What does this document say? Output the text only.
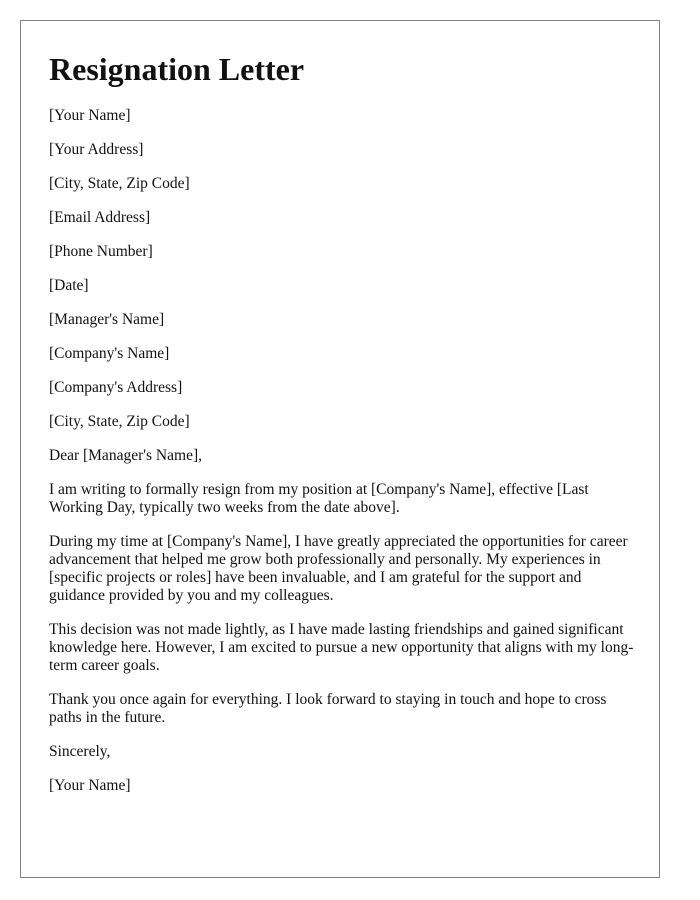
Resignation Letter

[Your Name]

[Your Address]

[City, State, Zip Code]

[Email Address]

[Phone Number]

[Date]

[Manager's Name]

[Company's Name]

[Company's Address]

[City, State, Zip Code]

Dear [Manager's Name],

I am writing to formally resign from my position at [Company's Name], effective [Last Working Day, typically two weeks from the date above].

During my time at [Company's Name], I have greatly appreciated the opportunities for career advancement that helped me grow both professionally and personally. My experiences in [specific projects or roles] have been invaluable, and I am grateful for the support and guidance provided by you and my colleagues.

This decision was not made lightly, as I have made lasting friendships and gained significant knowledge here. However, I am excited to pursue a new opportunity that aligns with my long-term career goals.

Thank you once again for everything. I look forward to staying in touch and hope to cross paths in the future.

Sincerely,

[Your Name]
